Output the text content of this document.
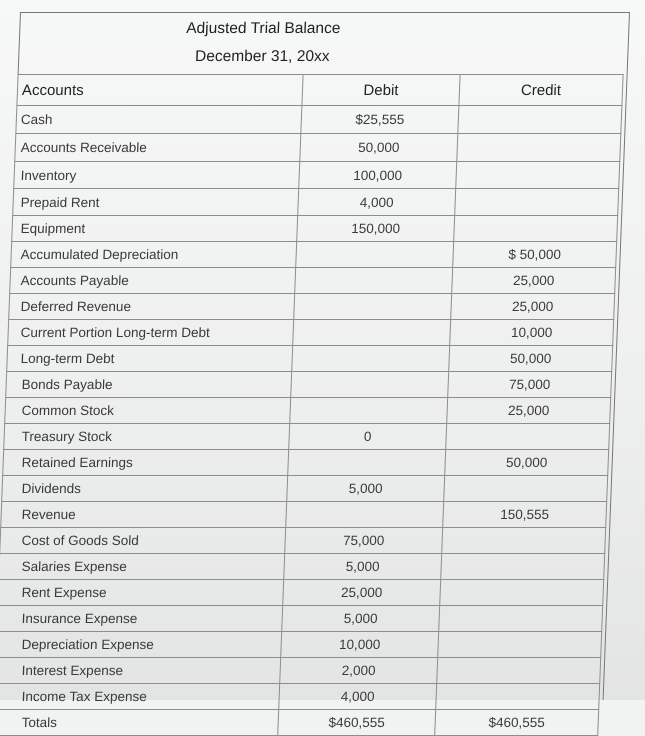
Adjusted Trial Balance
December 31, 20xx
Accounts	Debit	Credit
Cash	$25,555	
Accounts Receivable	50,000	
Inventory	100,000	
Prepaid Rent	4,000	
Equipment	150,000	
Accumulated Depreciation		$ 50,000
Accounts Payable		25,000
Deferred Revenue		25,000
Current Portion Long-term Debt		10,000
Long-term Debt		50,000
Bonds Payable		75,000
Common Stock		25,000
Treasury Stock	0	
Retained Earnings		50,000
Dividends	5,000	
Revenue		150,555
Cost of Goods Sold	75,000	
Salaries Expense	5,000	
Rent Expense	25,000	
Insurance Expense	5,000	
Depreciation Expense	10,000	
Interest Expense	2,000	
Income Tax Expense	4,000	
Totals	$460,555	$460,555
